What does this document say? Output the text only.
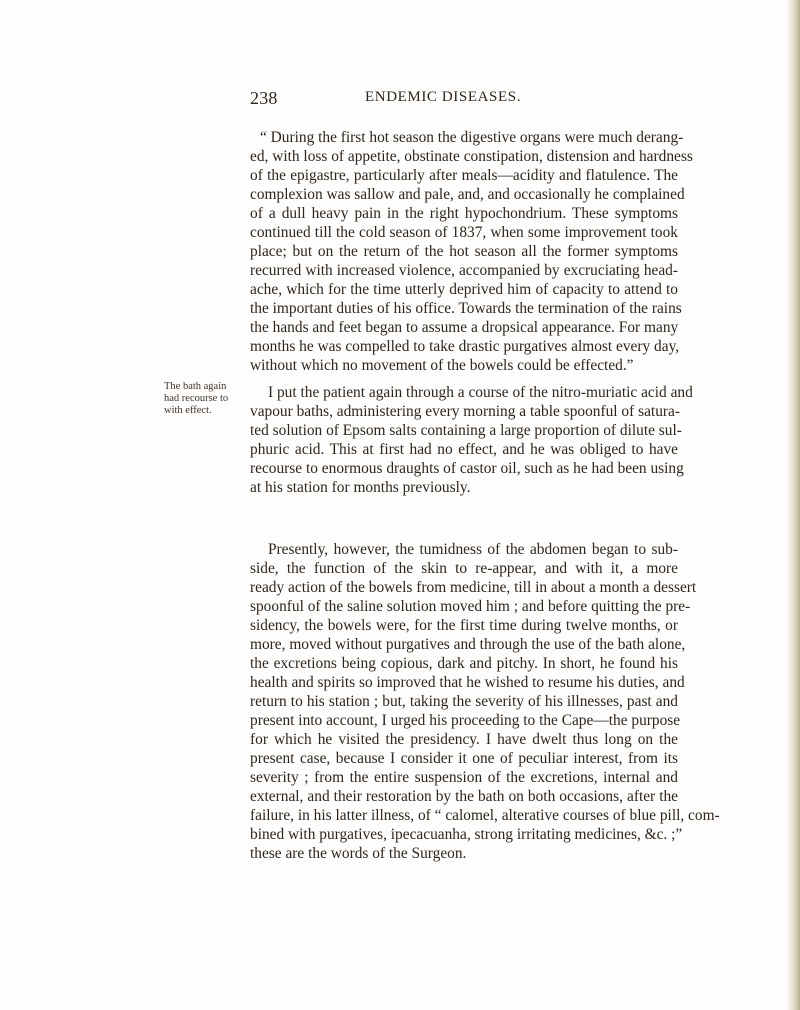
238	ENDEMIC DISEASES.
The bath again
had recourse to
with effect.
“ During the first hot season the digestive organs were much derang-
ed, with loss of appetite, obstinate constipation, distension and hardness
of the epigastre, particularly after meals—acidity and flatulence. The
complexion was sallow and pale, and, and occasionally he complained
of a dull heavy pain in the right hypochondrium. These symptoms
continued till the cold season of 1837, when some improvement took
place; but on the return of the hot season all the former symptoms
recurred with increased violence, accompanied by excruciating head-
ache, which for the time utterly deprived him of capacity to attend to
the important duties of his office. Towards the termination of the rains
the hands and feet began to assume a dropsical appearance. For many
months he was compelled to take drastic purgatives almost every day,
without which no movement of the bowels could be effected.”
I put the patient again through a course of the nitro-muriatic acid and
vapour baths, administering every morning a table spoonful of satura-
ted solution of Epsom salts containing a large proportion of dilute sul-
phuric acid. This at first had no effect, and he was obliged to have
recourse to enormous draughts of castor oil, such as he had been using
at his station for months previously.
Presently, however, the tumidness of the abdomen began to sub-
side, the function of the skin to re-appear, and with it, a more
ready action of the bowels from medicine, till in about a month a dessert
spoonful of the saline solution moved him ; and before quitting the pre-
sidency, the bowels were, for the first time during twelve months, or
more, moved without purgatives and through the use of the bath alone,
the excretions being copious, dark and pitchy. In short, he found his
health and spirits so improved that he wished to resume his duties, and
return to his station ; but, taking the severity of his illnesses, past and
present into account, I urged his proceeding to the Cape—the purpose
for which he visited the presidency. I have dwelt thus long on the
present case, because I consider it one of peculiar interest, from its
severity ; from the entire suspension of the excretions, internal and
external, and their restoration by the bath on both occasions, after the
failure, in his latter illness, of “ calomel, alterative courses of blue pill, com-
bined with purgatives, ipecacuanha, strong irritating medicines, &c. ;”
these are the words of the Surgeon.
